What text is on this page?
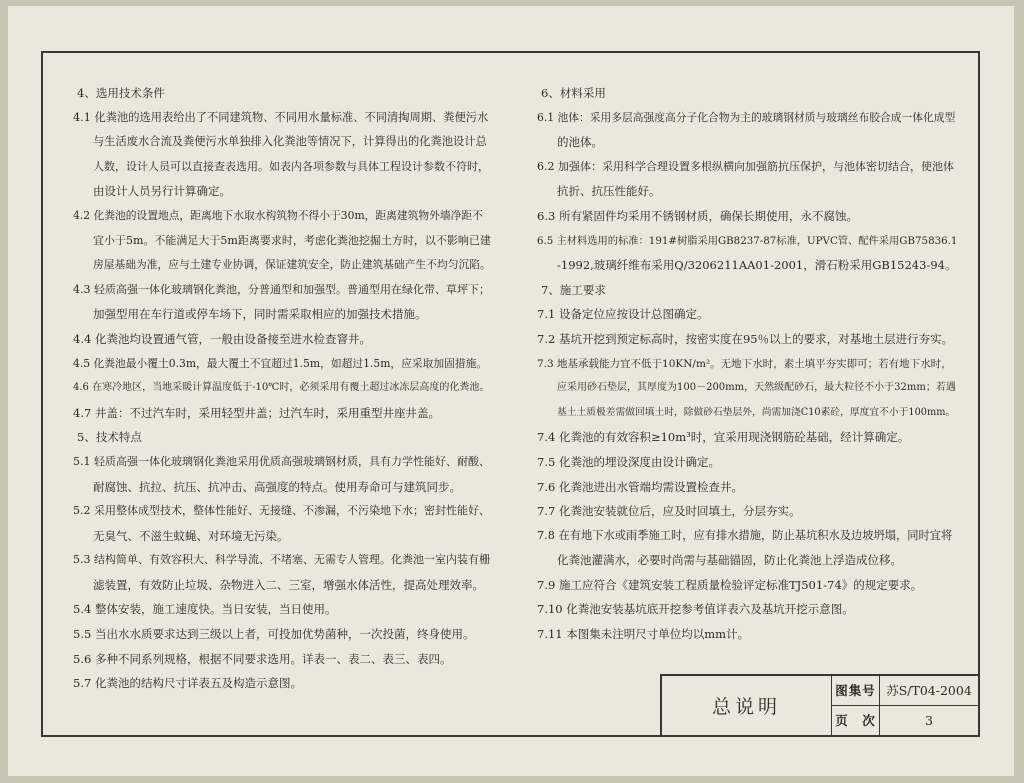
4、选用技术条件
4.1 化粪池的选用表给出了不同建筑物、不同用水量标准、不同清掏周期、粪便污水
与生活废水合流及粪便污水单独排入化粪池等情况下，计算得出的化粪池设计总
人数，设计人员可以直接查表选用。如表内各项参数与具体工程设计参数不符时，
由设计人员另行计算确定。
4.2 化粪池的设置地点，距离地下水取水构筑物不得小于30m，距离建筑物外墙净距不
宜小于5m。不能满足大于5m距离要求时，考虑化粪池挖掘土方时，以不影响已建
房屋基础为准，应与土建专业协调，保证建筑安全，防止建筑基础产生不均匀沉陷。
4.3 轻质高强一体化玻璃钢化粪池，分普通型和加强型。普通型用在绿化带、草坪下；
加强型用在车行道或停车场下，同时需采取相应的加强技术措施。
4.4 化粪池均设置通气管，一般由设备接至进水检查窨井。
4.5 化粪池最小覆土0.3m，最大覆土不宜超过1.5m，如超过1.5m，应采取加固措施。
4.6 在寒冷地区，当地采暖计算温度低于-10℃时，必须采用有覆土超过冰冻层高度的化粪池。
4.7 井盖：不过汽车时，采用轻型井盖；过汽车时，采用重型井座井盖。
5、技术特点
5.1 轻质高强一体化玻璃钢化粪池采用优质高强玻璃钢材质，具有力学性能好、耐酸、
耐腐蚀、抗拉、抗压、抗冲击、高强度的特点。使用寿命可与建筑同步。
5.2 采用整体成型技术，整体性能好、无接缝、不渗漏，不污染地下水；密封性能好、
无臭气、不滋生蚊蝇、对环境无污染。
5.3 结构简单、有效容积大、科学导流、不堵塞、无需专人管理。化粪池一室内装有栅
滤装置，有效防止垃圾、杂物进入二、三室，增强水体活性，提高处理效率。
5.4 整体安装，施工速度快。当日安装，当日使用。
5.5 当出水水质要求达到三级以上者，可投加优势菌种，一次投菌，终身使用。
5.6 多种不同系列规格，根据不同要求选用。详表一、表二、表三、表四。
5.7 化粪池的结构尺寸详表五及构造示意图。
6、材料采用
6.1 池体：采用多层高强度高分子化合物为主的玻璃钢材质与玻璃丝布胶合成一体化成型
的池体。
6.2 加强体：采用科学合理设置多根纵横向加强筋抗压保护，与池体密切结合，使池体
抗折、抗压性能好。
6.3 所有紧固件均采用不锈钢材质，确保长期使用，永不腐蚀。
6.5 主材料选用的标准：191#树脂采用GB8237-87标准，UPVC管、配件采用GB75836.1
-1992,玻璃纤维布采用Q/3206211AA01-2001，滑石粉采用GB15243-94。
7、施工要求
7.1 设备定位应按设计总图确定。
7.2 基坑开挖到预定标高时，按密实度在95％以上的要求，对基地土层进行夯实。
7.3 地基承载能力宜不低于10KN/m²。无地下水时，素土填平夯实即可；若有地下水时，
应采用砂石垫层，其厚度为100－200mm，天然级配砂石，最大粒径不小于32mm；若遇
基土土质极差需做回填土时，除做砂石垫层外，尚需加浇C10素砼，厚度宜不小于100mm。
7.4 化粪池的有效容积≥10m³时，宜采用现浇钢筋砼基础，经计算确定。
7.5 化粪池的埋设深度由设计确定。
7.6 化粪池进出水管端均需设置检查井。
7.7 化粪池安装就位后，应及时回填土，分层夯实。
7.8 在有地下水或雨季施工时，应有排水措施，防止基坑积水及边坡坍塌，同时宜将
化粪池灌满水，必要时尚需与基础锚固，防止化粪池上浮造成位移。
7.9 施工应符合《建筑安装工程质量检验评定标准TJ501-74》的规定要求。
7.10 化粪池安装基坑底开挖参考值详表六及基坑开挖示意图。
7.11 本图集未注明尺寸单位均以mm计。
总说明
图集号 苏S/T04-2004
页　次	3
